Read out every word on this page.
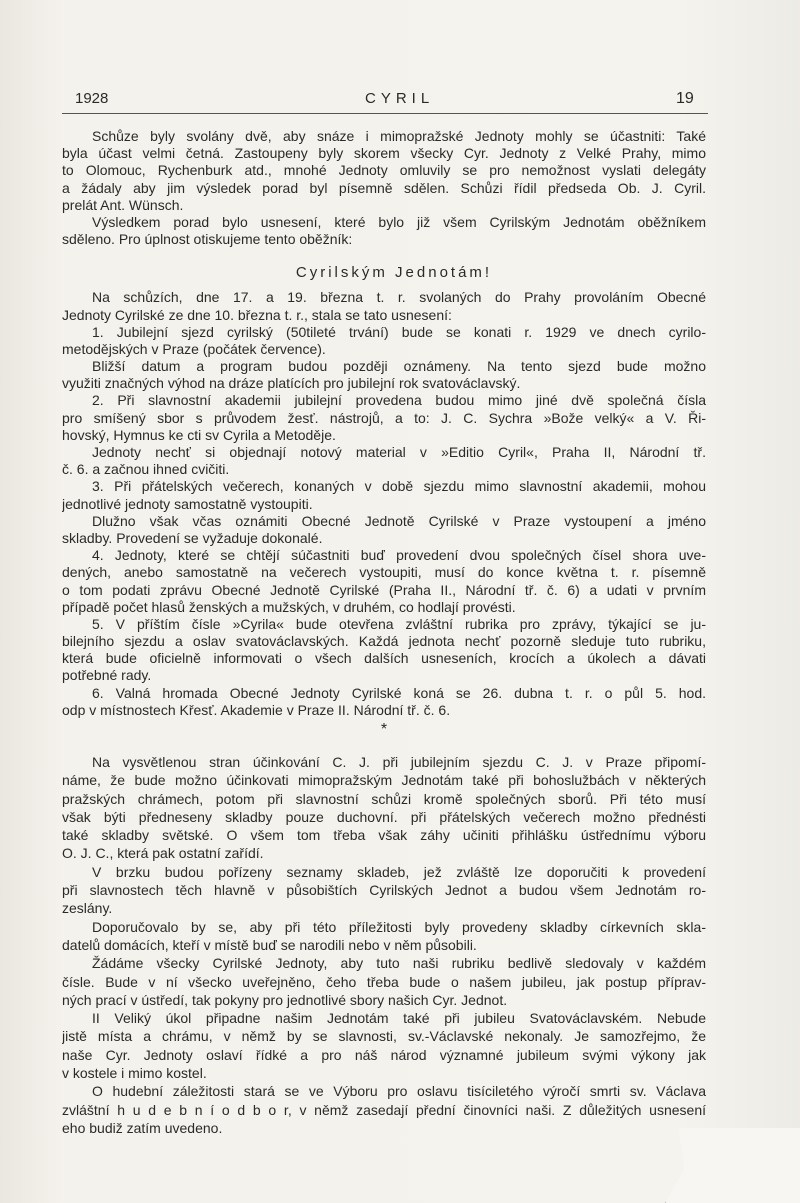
1928	CYRIL	19
Schůze byly svolány dvě, aby snáze i mimopražské Jednoty mohly se účastniti: Také
byla účast velmi četná. Zastoupeny byly skorem všecky Cyr. Jednoty z Velké Prahy, mimo
to Olomouc, Rychenburk atd., mnohé Jednoty omluvily se pro nemožnost vyslati delegáty
a žádaly aby jim výsledek porad byl písemně sdělen. Schůzi řídil předseda Ob. J. Cyril.
prelát Ant. Wünsch.
Výsledkem porad bylo usnesení, které bylo již všem Cyrilským Jednotám oběžníkem
sděleno. Pro úplnost otiskujeme tento oběžník:
Cyrilským Jednotám!
Na schůzích, dne 17. a 19. března t. r. svolaných do Prahy provoláním Obecné
Jednoty Cyrilské ze dne 10. března t. r., stala se tato usnesení:
1. Jubilejní sjezd cyrilský (50tileté trvání) bude se konati r. 1929 ve dnech cyrilo-
metodějských v Praze (počátek července).
Bližší datum a program budou později oznámeny. Na tento sjezd bude možno
využiti značných výhod na dráze platících pro jubilejní rok svatováclavský.
2. Při slavnostní akademii jubilejní provedena budou mimo jiné dvě společná čísla
pro smíšený sbor s průvodem žesť. nástrojů, a to: J. C. Sychra »Bože velký« a V. Ři-
hovský, Hymnus ke cti sv Cyrila a Metoděje.
Jednoty nechť si objednají notový material v »Editio Cyril«, Praha II, Národní tř.
č. 6. a začnou ihned cvičiti.
3. Při přátelských večerech, konaných v době sjezdu mimo slavnostní akademii, mohou
jednotlivé jednoty samostatně vystoupiti.
Dlužno však včas oznámiti Obecné Jednotě Cyrilské v Praze vystoupení a jméno
skladby. Provedení se vyžaduje dokonalé.
4. Jednoty, které se chtějí súčastniti buď provedení dvou společných čísel shora uve-
dených, anebo samostatně na večerech vystoupiti, musí do konce května t. r. písemně
o tom podati zprávu Obecné Jednotě Cyrilské (Praha II., Národní tř. č. 6) a udati v prvním
případě počet hlasů ženských a mužských, v druhém, co hodlají provésti.
5. V příštím čísle »Cyrila« bude otevřena zvláštní rubrika pro zprávy, týkající se ju-
bilejního sjezdu a oslav svatováclavských. Každá jednota nechť pozorně sleduje tuto rubriku,
která bude oficielně informovati o všech dalších usneseních, krocích a úkolech a dávati
potřebné rady.
6. Valná hromada Obecné Jednoty Cyrilské koná se 26. dubna t. r. o půl 5. hod.
odp v místnostech Křesť. Akademie v Praze II. Národní tř. č. 6.
*
Na vysvětlenou stran účinkování C. J. při jubilejním sjezdu C. J. v Praze připomí-
náme, že bude možno účinkovati mimopražským Jednotám také při bohoslužbách v některých
pražských chrámech, potom při slavnostní schůzi kromě společných sborů. Při této musí
však býti předneseny skladby pouze duchovní. při přátelských večerech možno přednésti
také skladby světské. O všem tom třeba však záhy učiniti přihlášku ústřednímu výboru
O. J. C., která pak ostatní zařídí.
V brzku budou pořízeny seznamy skladeb, jež zvláště lze doporučiti k provedení
při slavnostech těch hlavně v působištích Cyrilských Jednot a budou všem Jednotám ro-
zeslány.
Doporučovalo by se, aby při této příležitosti byly provedeny skladby církevních skla-
datelů domácích, kteří v místě buď se narodili nebo v něm působili.
Žádáme všecky Cyrilské Jednoty, aby tuto naši rubriku bedlivě sledovaly v každém
čísle. Bude v ní všecko uveřejněno, čeho třeba bude o našem jubileu, jak postup příprav-
ných prací v ústředí, tak pokyny pro jednotlivé sbory našich Cyr. Jednot.
II Veliký úkol připadne našim Jednotám také při jubileu Svatováclavském. Nebude
jistě místa a chrámu, v němž by se slavnosti, sv.-Václavské nekonaly. Je samozřejmo, že
naše Cyr. Jednoty oslaví řídké a pro náš národ významné jubileum svými výkony jak
v kostele i mimo kostel.
O hudební záležitosti stará se ve Výboru pro oslavu tisíciletého výročí smrti sv. Václava
zvláštní h u d e b n í o d b o r, v němž zasedají přední činovníci naši. Z důležitých usnesení
eho budiž zatím uvedeno.
